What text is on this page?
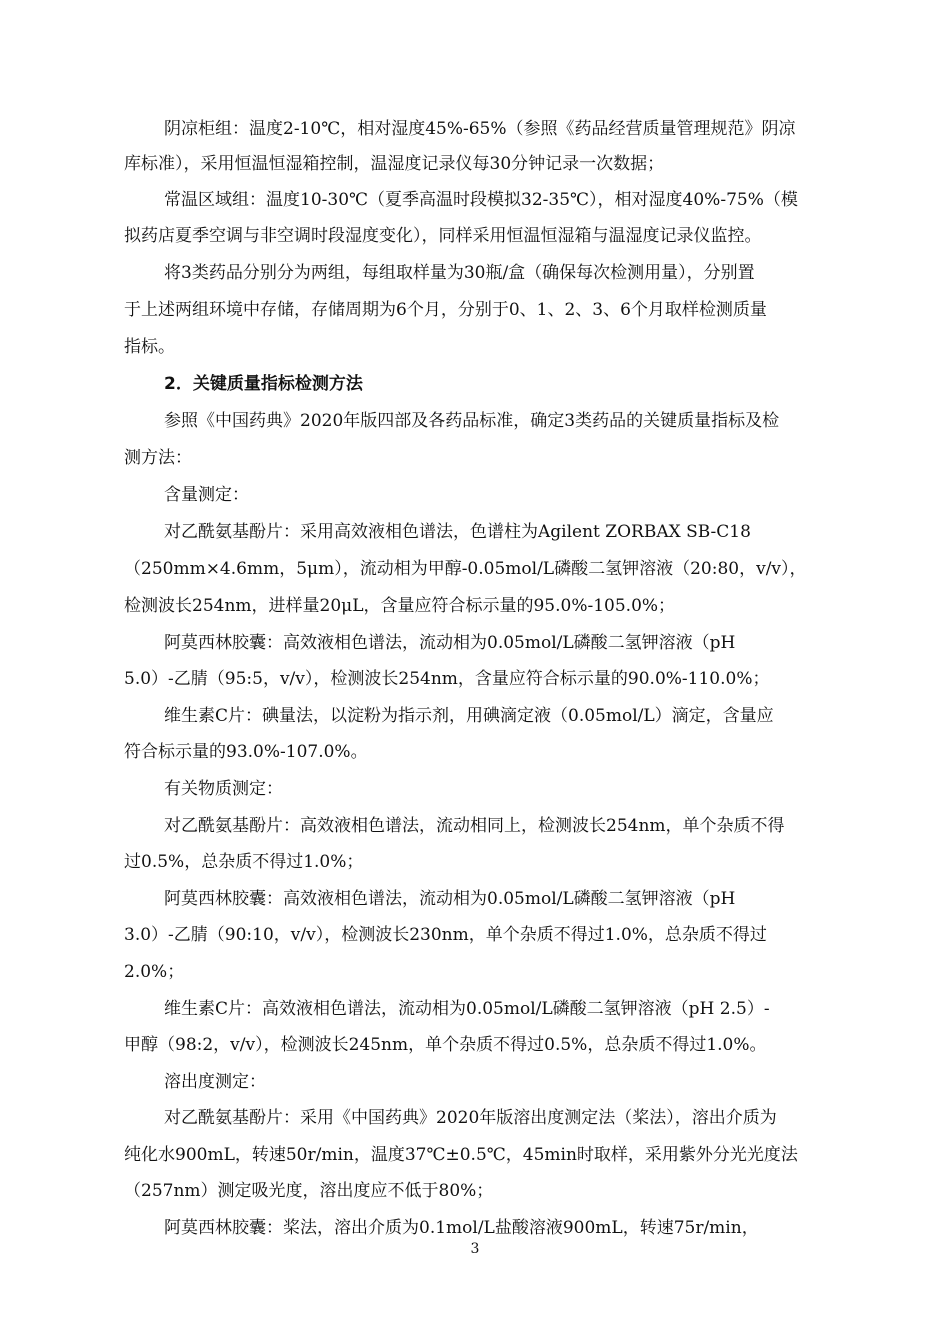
阴凉柜组：温度2-10℃，相对湿度45%-65%（参照《药品经营质量管理规范》阴凉

库标准），采用恒温恒湿箱控制，温湿度记录仪每30分钟记录一次数据；

常温区域组：温度10-30℃（夏季高温时段模拟32-35℃），相对湿度40%-75%（模

拟药店夏季空调与非空调时段湿度变化），同样采用恒温恒湿箱与温湿度记录仪监控。

将3类药品分别分为两组，每组取样量为30瓶/盒（确保每次检测用量），分别置

于上述两组环境中存储，存储周期为6个月，分别于0、1、2、3、6个月取样检测质量

指标。

2．关键质量指标检测方法

参照《中国药典》2020年版四部及各药品标准，确定3类药品的关键质量指标及检

测方法：

含量测定：

对乙酰氨基酚片：采用高效液相色谱法，色谱柱为Agilent ZORBAX SB-C18

（250mm×4.6mm，5μm），流动相为甲醇-0.05mol/L磷酸二氢钾溶液（20:80，v/v），

检测波长254nm，进样量20μL，含量应符合标示量的95.0%-105.0%；

阿莫西林胶囊：高效液相色谱法，流动相为0.05mol/L磷酸二氢钾溶液（pH

5.0）-乙腈（95:5，v/v），检测波长254nm，含量应符合标示量的90.0%-110.0%；

维生素C片：碘量法，以淀粉为指示剂，用碘滴定液（0.05mol/L）滴定，含量应

符合标示量的93.0%-107.0%。

有关物质测定：

对乙酰氨基酚片：高效液相色谱法，流动相同上，检测波长254nm，单个杂质不得

过0.5%，总杂质不得过1.0%；

阿莫西林胶囊：高效液相色谱法，流动相为0.05mol/L磷酸二氢钾溶液（pH

3.0）-乙腈（90:10，v/v），检测波长230nm，单个杂质不得过1.0%，总杂质不得过

2.0%；

维生素C片：高效液相色谱法，流动相为0.05mol/L磷酸二氢钾溶液（pH 2.5）-

甲醇（98:2，v/v），检测波长245nm，单个杂质不得过0.5%，总杂质不得过1.0%。

溶出度测定：

对乙酰氨基酚片：采用《中国药典》2020年版溶出度测定法（桨法），溶出介质为

纯化水900mL，转速50r/min，温度37℃±0.5℃，45min时取样，采用紫外分光光度法

（257nm）测定吸光度，溶出度应不低于80%；

阿莫西林胶囊：桨法，溶出介质为0.1mol/L盐酸溶液900mL，转速75r/min，

3
